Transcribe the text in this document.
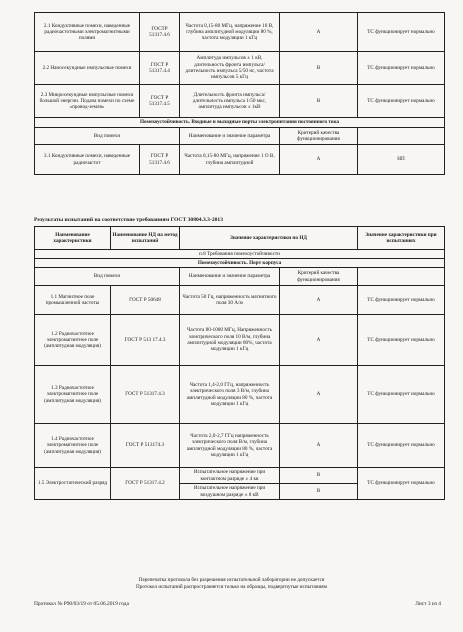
2.1 Кондуктивные помехи, наведенные радиочастотными электромагнитными полями	ГОСТР 51317.4.6	Частота 0,15-80 МГц, напряжение 10 В, глубина амплитудной модуляции 80 %, частота модуляции 1 кГц	А	ТС функционирует нормально
2.2 Наносекундные импульсные помехи	ГОСТ Р 51317.4.4	Амплитуда импульсов ± 1 кВ, длительность фронта импульса/длительность импульса 5/50 нс, частота импульсов 5 кГц	В	ТС функционирует нормально
2.3 Микросекундные импульсные помехи большой энергии. Подача помехи по схеме «провод-земля»	ГОСТ Р 51317.4.5	Длительность фронта импульса/длительность импульса 1/50 мкс, амплитуда импульсов ± 1кВ	В	ТС функционирует нормально
Помехоустойчивость. Входные и выходные порты электропитания постоянного тока				
Вид помехи		Наименование и значение параметра	Критерий качества функционирования	
3.1 Кондуктивные помехи, наведенные радиочастот	ГОСТ Р 51317.4.6	Частота 0,15-80 МГц, напряжение 1 О В, глубина амплитудной	А	НП
Результаты испытаний на соответствие требованиям ГОСТ 30804.3.3-2013
Наименование характеристики	Наименование НД на метод испытаний	Значение характеристики по НД		Значение характеристики при испытаниях
п.8 Требования помехоустойчивости				
Помехоустойчивость. Порт корпуса				
Вид помехи		Наименование и значение параметра	Критерий качества функционирования	
1.1 Магнитное поле промышленной частоты	ГОСТ Р 50648	Частота 50 Гц, напряженность магнитного поля 30 А/м	А	ТС функционирует нормально
1.2 Радиочастотное электромагнитное поле (амплитудная модуляция)	ГОСТ Р 513 17.4.3	Частота 80-1000 МГц, Напряженность электрического поля 10 В/м, глубина амплитудной модуляции 80%, частота модуляции 1 кГц	А	ТС функционирует нормально
1.3 Радиочастотное электромагнитное поле (амплитудная модуляция)	ГОСТ Р 51317.4.3	Частота 1,4-2,0 ГГц, напряженность электрического поля 3 В/м, глубина амплитудной модуляции 80 %, частота модуляции 1 кГц	А	ТС функционирует нормально
1.4 Радиочастотное электромагнитное поле (амплитудная модуляция)	ГОСТ Р 513174.3	Частота 2,0-2,7 ГГц напряженность электрического поля В/м, глубина амплитудной модуляции 80 %, частота модуляции 1 кГц	А	ТС функционирует нормально
1.5 Электростатический разряд	ГОСТ Р 51317.4.2	Испытательное напряжение при контактном разряде ± 4 кв	В	ТС функционирует нормально
		Испытательное напряжение при воздушном разряде ± 8 кВ	В	
Перепечатка протокола без разрешения испытательной лаборатории не допускается
Протокол испытаний распространяется только на образцы, подвергнутые испытаниям
Протокол № Р90/03/19 от 05.06.2019 года	Лист 3 из 4
